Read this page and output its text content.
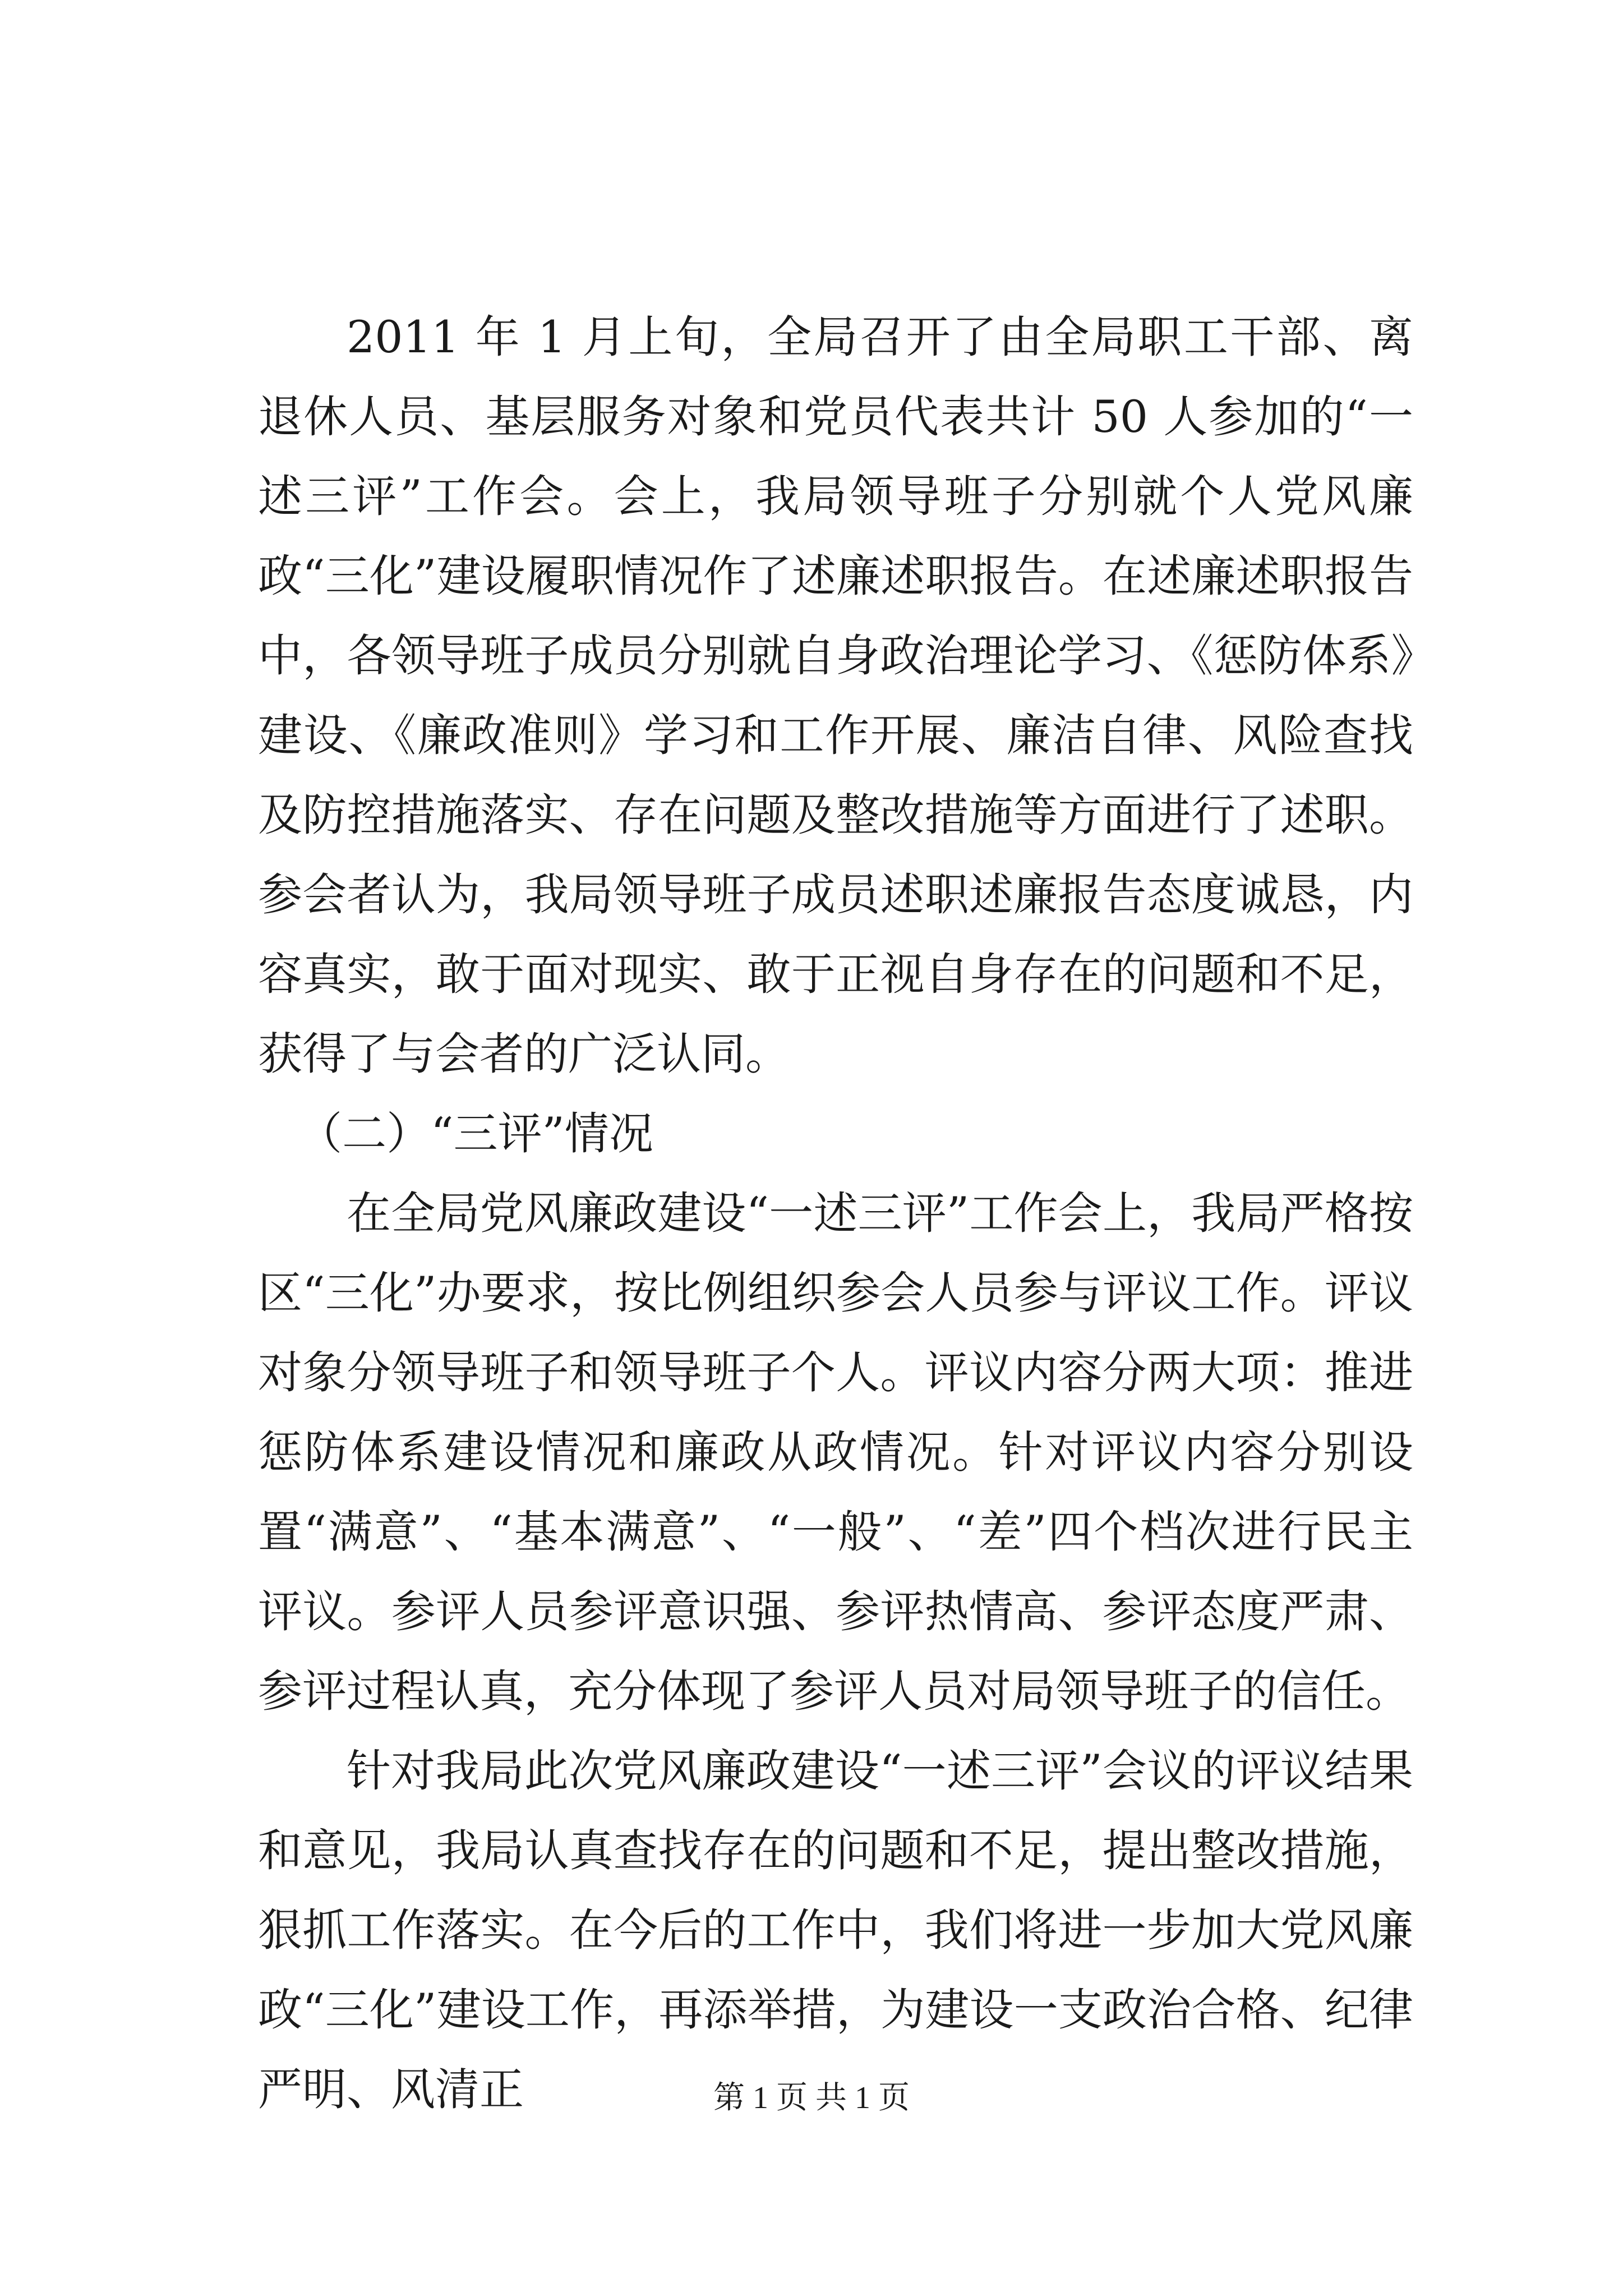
2011 年 1 月上旬，全局召开了由全局职工干部、离退休人员、基层服务对象和党员代表共计 50 人参加的“一述三评”工作会。会上，我局领导班子分别就个人党风廉政“三化”建设履职情况作了述廉述职报告。在述廉述职报告中，各领导班子成员分别就自身政治理论学习、《惩防体系》建设、《廉政准则》学习和工作开展、廉洁自律、风险查找及防控措施落实、存在问题及整改措施等方面进行了述职。参会者认为，我局领导班子成员述职述廉报告态度诚恳，内容真实，敢于面对现实、敢于正视自身存在的问题和不足，获得了与会者的广泛认同。

（二）“三评”情况

在全局党风廉政建设“一述三评”工作会上，我局严格按区“三化”办要求，按比例组织参会人员参与评议工作。评议对象分领导班子和领导班子个人。评议内容分两大项：推进惩防体系建设情况和廉政从政情况。针对评议内容分别设置“满意”、“基本满意”、“一般”、“差”四个档次进行民主评议。参评人员参评意识强、参评热情高、参评态度严肃、参评过程认真，充分体现了参评人员对局领导班子的信任。

针对我局此次党风廉政建设“一述三评”会议的评议结果和意见，我局认真查找存在的问题和不足，提出整改措施，狠抓工作落实。在今后的工作中，我们将进一步加大党风廉政“三化”建设工作，再添举措，为建设一支政治合格、纪律严明、风清正	第 1 页 共 1 页
